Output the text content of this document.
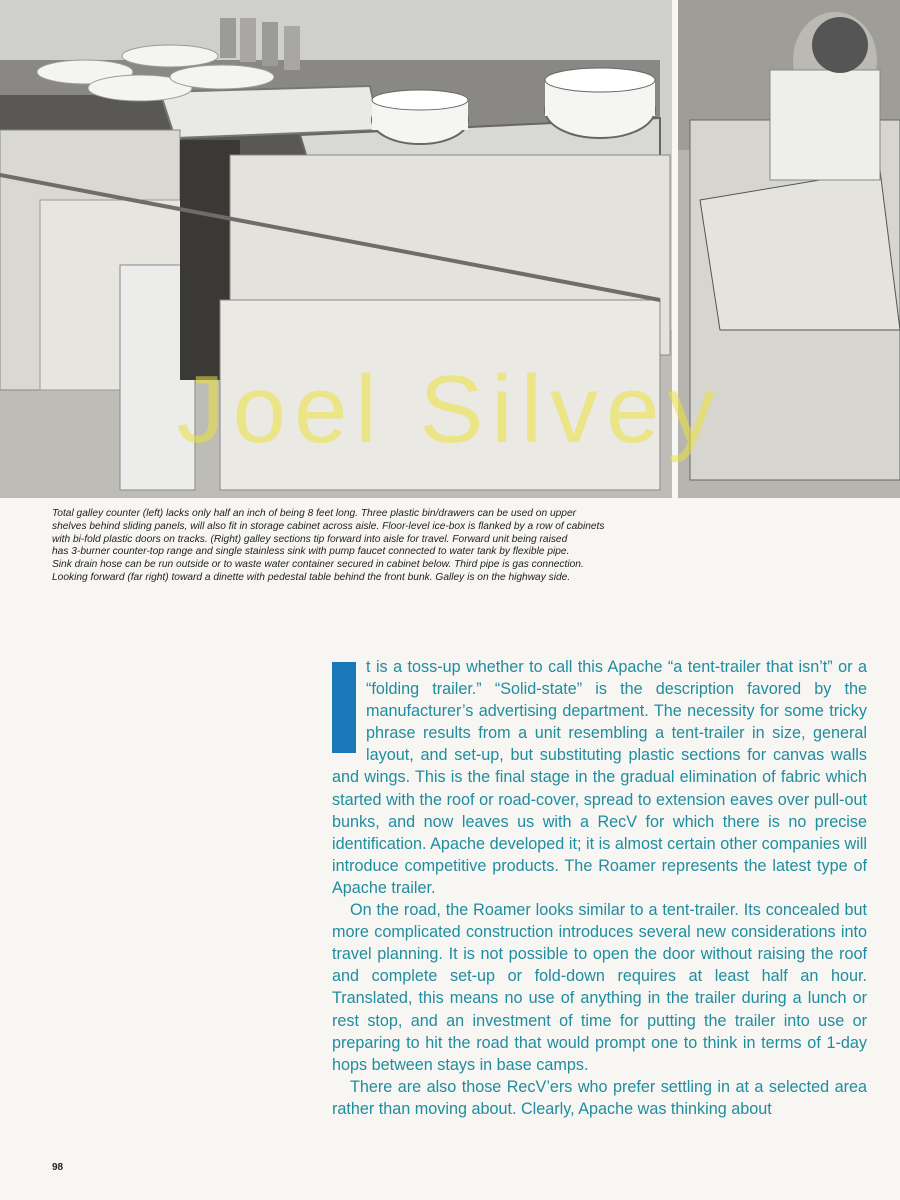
Joel Silvey
Total galley counter (left) lacks only half an inch of being 8 feet long. Three plastic bin/drawers can be used on upper
shelves behind sliding panels, will also fit in storage cabinet across aisle. Floor-level ice-box is flanked by a row of cabinets
with bi-fold plastic doors on tracks. (Right) galley sections tip forward into aisle for travel. Forward unit being raised
has 3-burner counter-top range and single stainless sink with pump faucet connected to water tank by flexible pipe.
Sink drain hose can be run outside or to waste water container secured in cabinet below. Third pipe is gas connection.
Looking forward (far right) toward a dinette with pedestal table behind the front bunk. Galley is on the highway side.

t is a toss-up whether to call this Apache “a tent-trailer that isn’t” or a “folding trailer.” “Solid-state” is the description favored by the manufacturer’s advertising department. The necessity for some tricky phrase results from a unit resembling a tent-trailer in size, general layout, and set-up, but substituting plastic sections for canvas walls and wings. This is the final stage in the gradual elimination of fabric which started with the roof or road-cover, spread to extension eaves over pull-out bunks, and now leaves us with a RecV for which there is no precise identification. Apache developed it; it is almost certain other companies will introduce competitive products. The Roamer represents the latest type of Apache trailer.

On the road, the Roamer looks similar to a tent-trailer. Its concealed but more complicated construction introduces several new considerations into travel planning. It is not possible to open the door without raising the roof and complete set-up or fold-down requires at least half an hour. Translated, this means no use of anything in the trailer during a lunch or rest stop, and an investment of time for putting the trailer into use or preparing to hit the road that would prompt one to think in terms of 1-day hops between stays in base camps.

There are also those RecV’ers who prefer settling in at a selected area rather than moving about. Clearly, Apache was thinking about

98
